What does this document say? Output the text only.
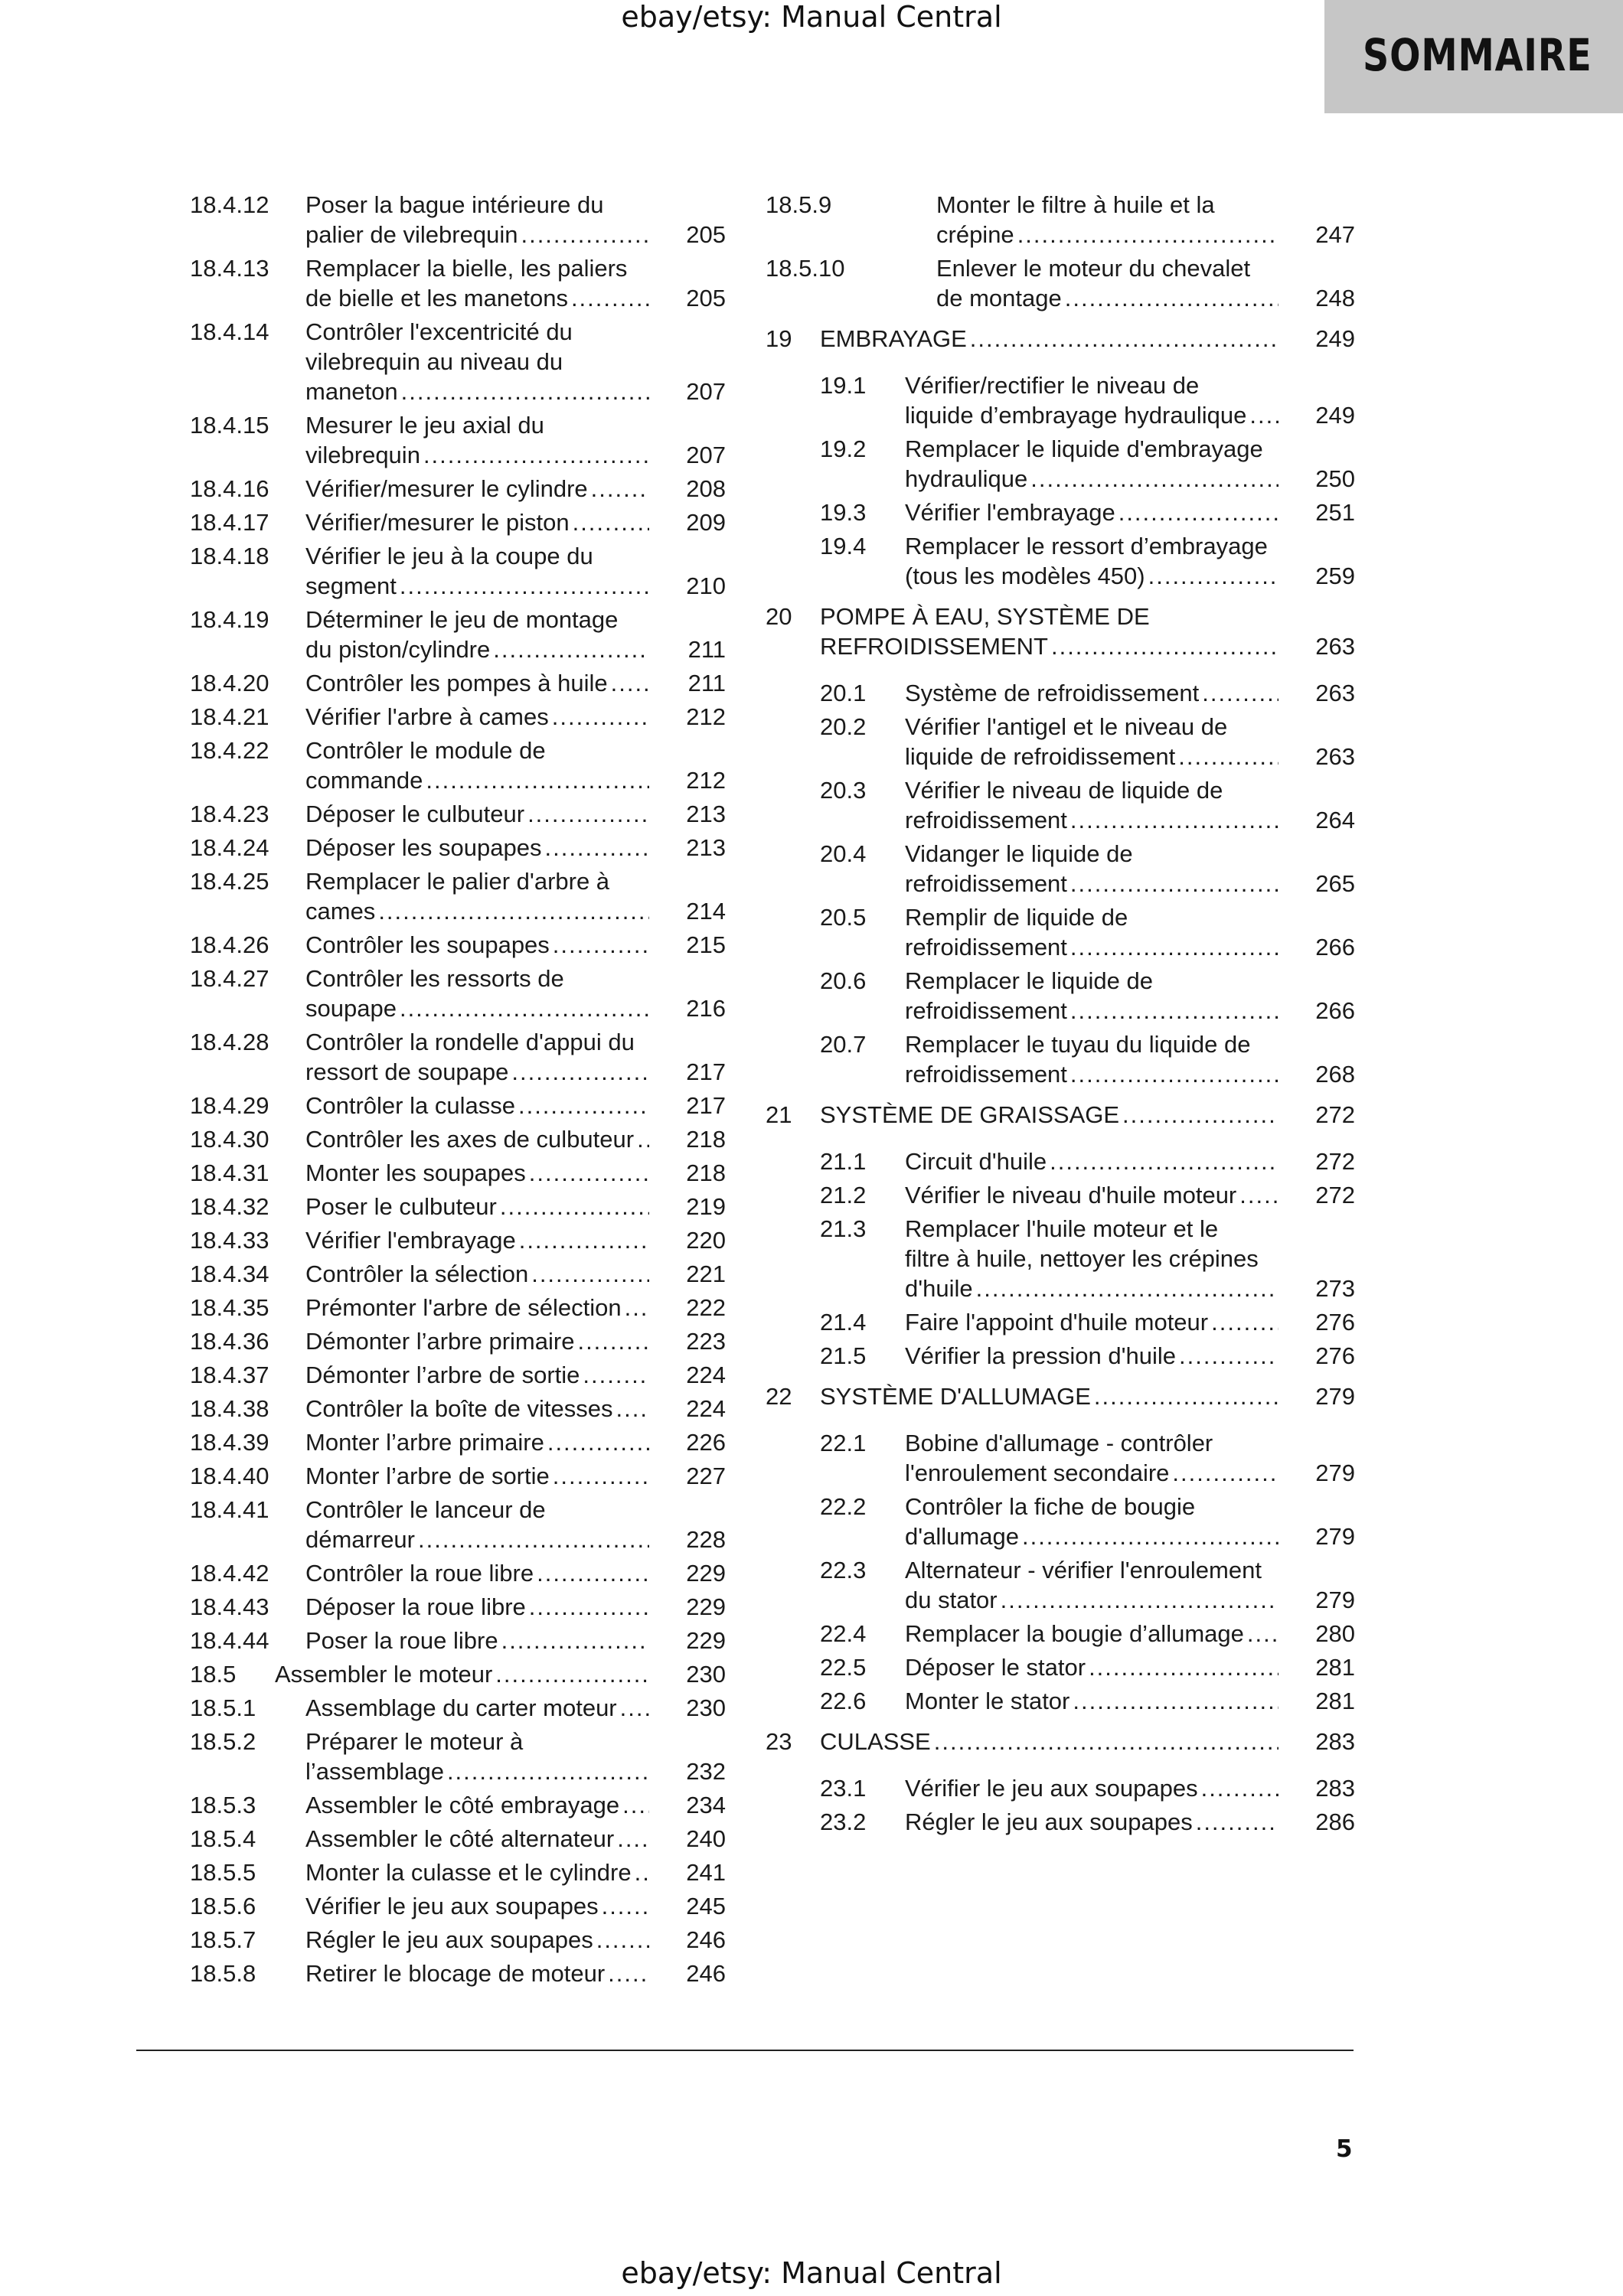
ebay/etsy: Manual Central
SOMMAIRE
18.4.12 Poser la bague intérieure du
palier de vilebrequin .....	205
18.4.13 Remplacer la bielle, les paliers
de bielle et les manetons .....	205
18.4.14 Contrôler l'excentricité du
vilebrequin au niveau du
maneton .....	207
18.4.15 Mesurer le jeu axial du
vilebrequin .....	207
18.4.16 Vérifier/mesurer le cylindre .....	208
18.4.17 Vérifier/mesurer le piston .....	209
18.4.18 Vérifier le jeu à la coupe du
segment .....	210
18.4.19 Déterminer le jeu de montage
du piston/cylindre .....	211
18.4.20 Contrôler les pompes à huile .....	211
18.4.21 Vérifier l'arbre à cames .....	212
18.4.22 Contrôler le module de
commande .....	212
18.4.23 Déposer le culbuteur .....	213
18.4.24 Déposer les soupapes .....	213
18.4.25 Remplacer le palier d'arbre à
cames .....	214
18.4.26 Contrôler les soupapes .....	215
18.4.27 Contrôler les ressorts de
soupape .....	216
18.4.28 Contrôler la rondelle d'appui du
ressort de soupape .....	217
18.4.29 Contrôler la culasse .....	217
18.4.30 Contrôler les axes de culbuteur ..... 218
18.4.31 Monter les soupapes .....	218
18.4.32 Poser le culbuteur .....	219
18.4.33 Vérifier l'embrayage .....	220
18.4.34 Contrôler la sélection .....	221
18.4.35 Prémonter l'arbre de sélection .....	222
18.4.36 Démonter l’arbre primaire .....	223
18.4.37 Démonter l’arbre de sortie .....	224
18.4.38 Contrôler la boîte de vitesses .....	224
18.4.39 Monter l’arbre primaire .....	226
18.4.40 Monter l’arbre de sortie .....	227
18.4.41 Contrôler le lanceur de
démarreur .....	228
18.4.42 Contrôler la roue libre .....	229
18.4.43 Déposer la roue libre .....	229
18.4.44 Poser la roue libre .....	229
18.5 Assembler le moteur .....	230
18.5.1 Assemblage du carter moteur .....	230
18.5.2 Préparer le moteur à
l’assemblage .....	232
18.5.3 Assembler le côté embrayage .....	234
18.5.4 Assembler le côté alternateur .....	240
18.5.5 Monter la culasse et le cylindre ..... 241
18.5.6 Vérifier le jeu aux soupapes .....	245
18.5.7 Régler le jeu aux soupapes .....	246
18.5.8 Retirer le blocage de moteur .....	246
18.5.9	Monter le filtre à huile et la
crépine .....	247
18.5.10	Enlever le moteur du chevalet
de montage .....	248
19 EMBRAYAGE .....	249
19.1 Vérifier/rectifier le niveau de
liquide d’embrayage hydraulique .....	249
19.2 Remplacer le liquide d'embrayage
hydraulique .....	250
19.3 Vérifier l'embrayage .....	251
19.4 Remplacer le ressort d’embrayage
(tous les modèles 450) .....	259
20 POMPE À EAU, SYSTÈME DE
REFROIDISSEMENT .....	263
20.1 Système de refroidissement .....	263
20.2 Vérifier l'antigel et le niveau de
liquide de refroidissement .....	263
20.3 Vérifier le niveau de liquide de
refroidissement .....	264
20.4 Vidanger le liquide de
refroidissement .....	265
20.5 Remplir de liquide de
refroidissement .....	266
20.6 Remplacer le liquide de
refroidissement .....	266
20.7 Remplacer le tuyau du liquide de
refroidissement .....	268
21 SYSTÈME DE GRAISSAGE .....	272
21.1 Circuit d'huile .....	272
21.2 Vérifier le niveau d'huile moteur .....	272
21.3 Remplacer l'huile moteur et le
filtre à huile, nettoyer les crépines
d'huile .....	273
21.4 Faire l'appoint d'huile moteur .....	276
21.5 Vérifier la pression d'huile .....	276
22 SYSTÈME D'ALLUMAGE .....	279
22.1 Bobine d'allumage - contrôler
l'enroulement secondaire .....	279
22.2 Contrôler la fiche de bougie
d'allumage .....	279
22.3 Alternateur - vérifier l'enroulement
du stator .....	279
22.4 Remplacer la bougie d’allumage .....	280
22.5 Déposer le stator .....	281
22.6 Monter le stator .....	281
23 CULASSE .....	283
23.1 Vérifier le jeu aux soupapes .....	283
23.2 Régler le jeu aux soupapes .....	286
5
ebay/etsy: Manual Central
